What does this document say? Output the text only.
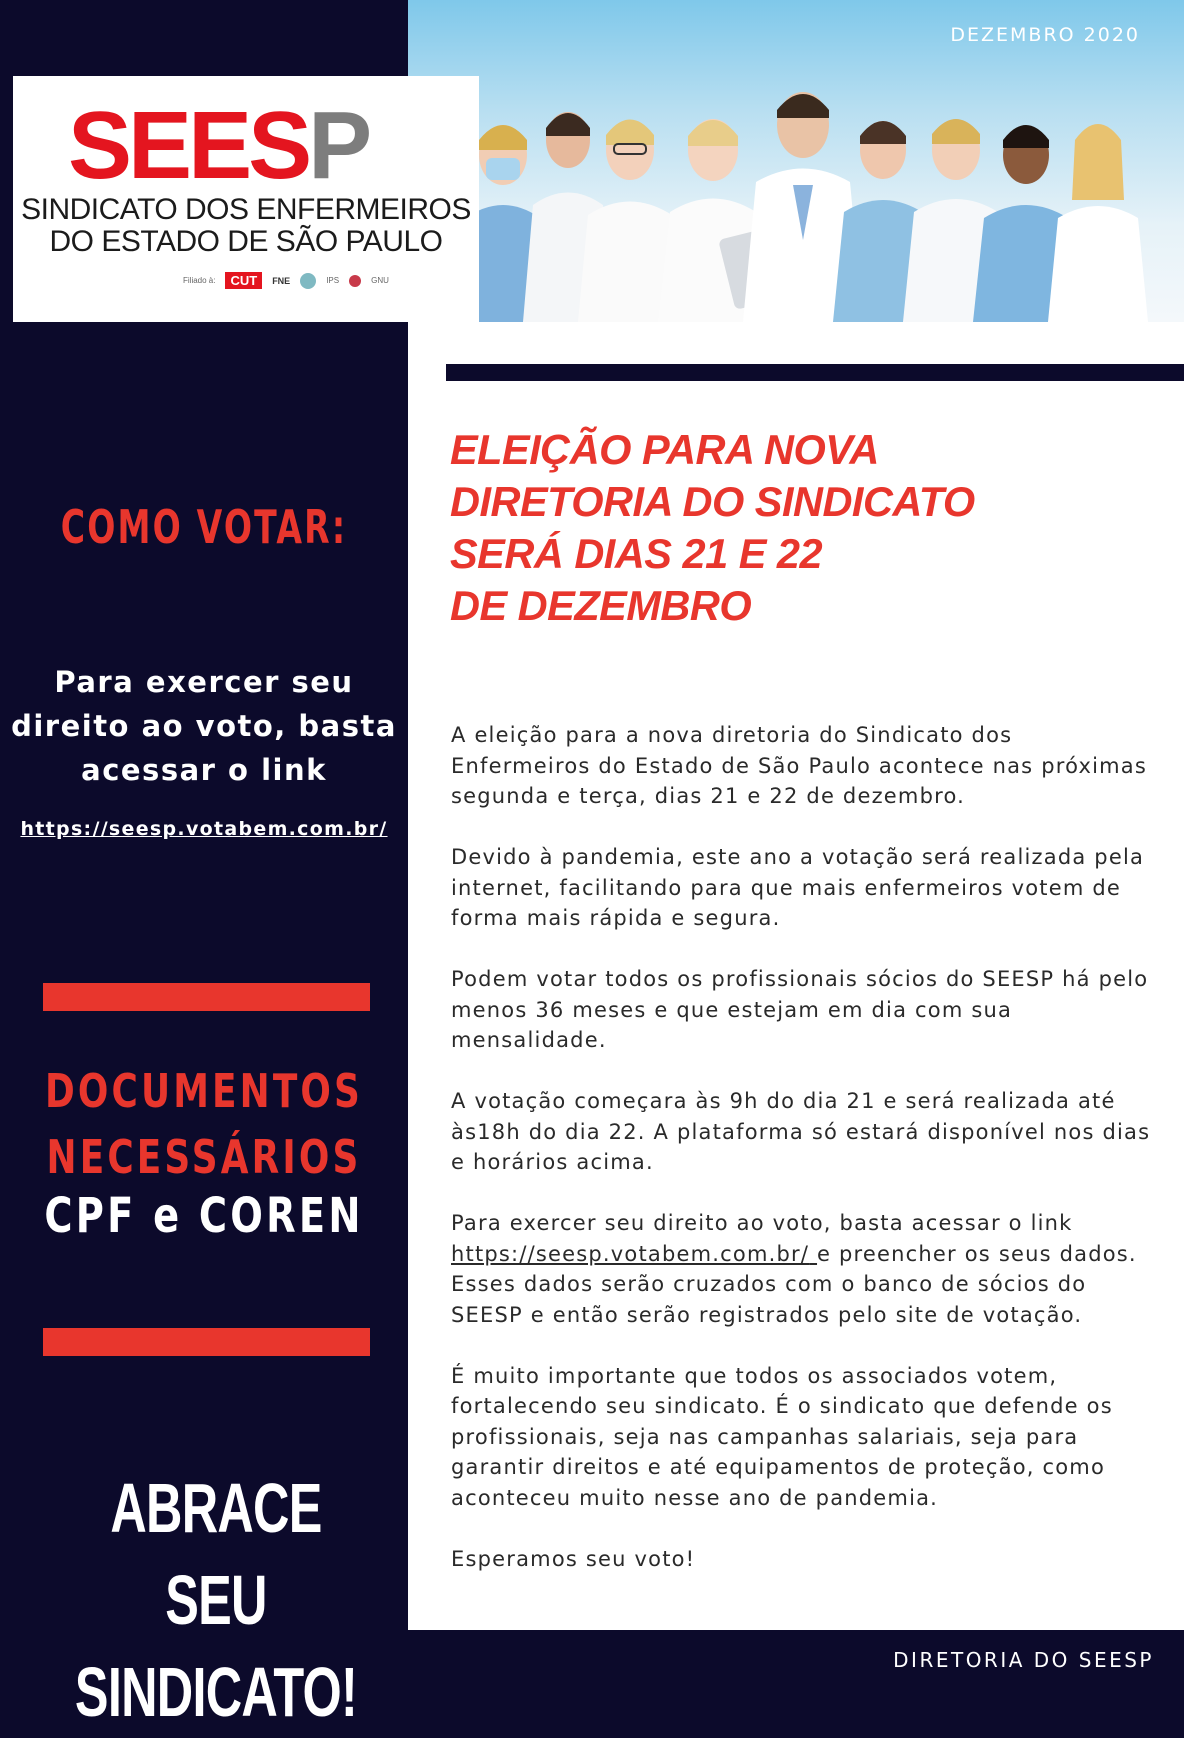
DEZEMBRO 2020
SEESP
SINDICATO DOS ENFERMEIROS
DO ESTADO DE SÃO PAULO
Filiado à:	CUT	FNE	IPS	GNU
ELEIÇÃO PARA NOVA
DIRETORIA DO SINDICATO
SERÁ DIAS 21 E 22
DE DEZEMBRO

A eleição para a nova diretoria do Sindicato dos Enfermeiros do Estado de São Paulo acontece nas próximas segunda e terça, dias 21 e 22 de dezembro.

Devido à pandemia, este ano a votação será realizada pela internet, facilitando para que mais enfermeiros votem de forma mais rápida e segura.

Podem votar todos os profissionais sócios do SEESP há pelo menos 36 meses e que estejam em dia com sua mensalidade.

A votação começara às 9h do dia 21 e será realizada até às18h do dia 22. A plataforma só estará disponível nos dias e horários acima.

Para exercer seu direito ao voto, basta acessar o link https://seesp.votabem.com.br/ e preencher os seus dados. Esses dados serão cruzados com o banco de sócios do SEESP e então serão registrados pelo site de votação.

É muito importante que todos os associados votem, fortalecendo seu sindicato. É o sindicato que defende os profissionais, seja nas campanhas salariais, seja para garantir direitos e até equipamentos de proteção, como aconteceu muito nesse ano de pandemia.

Esperamos seu voto!

COMO VOTAR:
Para exercer seu
direito ao voto, basta
acessar o link
https://seesp.votabem.com.br/
DOCUMENTOS
NECESSÁRIOS
CPF e COREN
ABRACE SEU
SINDICATO!	DIRETORIA DO SEESP
